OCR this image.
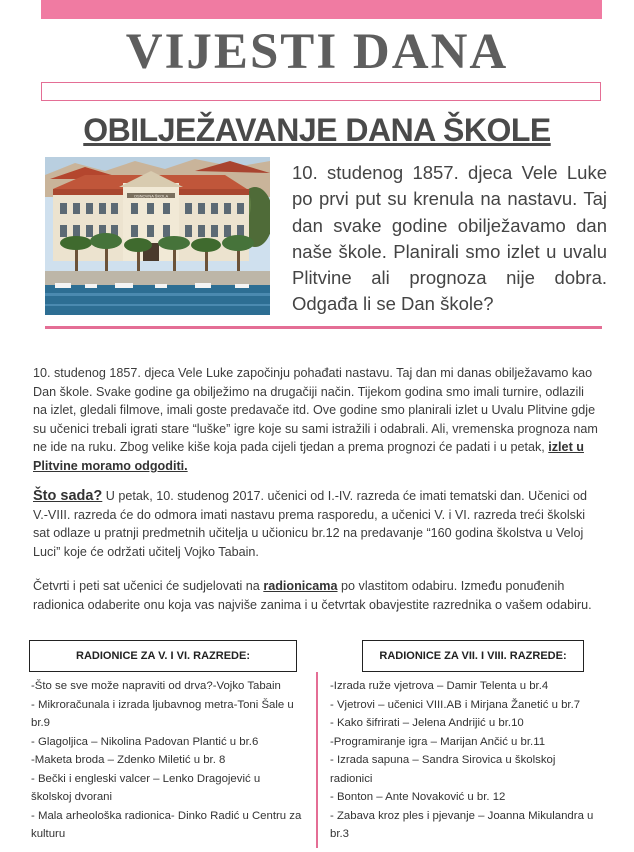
VIJESTI DANA
OBILJEŽAVANJE DANA ŠKOLE
OSNOVNA ŠKOLA
10. studenog 1857. djeca Vele Luke po prvi put su krenula na nastavu. Taj dan svake godine obilježavamo dan naše škole. Planirali smo izlet u uvalu Plitvine ali prognoza nije dobra. Odgađa li se Dan škole?

10. studenog 1857. djeca Vele Luke započinju pohađati nastavu. Taj dan mi danas obilježavamo kao Dan škole. Svake godine ga obilježimo na drugačiji način. Tijekom godina smo imali turnire, odlazili na izlet, gledali filmove, imali goste predavače itd. Ove godine smo planirali izlet u Uvalu Plitvine gdje su učenici trebali igrati stare “luške” igre koje su sami istražili i odabrali. Ali, vremenska prognoza nam ne ide na ruku. Zbog velike kiše koja pada cijeli tjedan a prema prognozi će padati i u petak, izlet u Plitvine moramo odgoditi.

Što sada? U petak, 10. studenog 2017. učenici od I.-IV. razreda će imati tematski dan. Učenici od V.-VIII. razreda će do odmora imati nastavu prema rasporedu, a učenici V. i VI. razreda treći školski sat odlaze u pratnji predmetnih učitelja u učionicu br.12 na predavanje “160 godina školstva u Veloj Luci” koje će održati učitelj Vojko Tabain.

Četvrti i peti sat učenici će sudjelovati na radionicama po vlastitom odabiru. Između ponuđenih radionica odaberite onu koja vas najviše zanima i u četvrtak obavjestite razrednika o vašem odabiru.

RADIONICE ZA V. I VI. RAZREDE:	RADIONICE ZA VII. I VIII. RAZREDE:
-Što se sve može napraviti od drva?-Vojko Tabain
- Mikroračunala i izrada ljubavnog metra-Toni Šale u br.9
- Glagoljica – Nikolina Padovan Plantić u br.6
-Maketa broda – Zdenko Miletić u br. 8
- Bečki i engleski valcer – Lenko Dragojević u školskoj dvorani
- Mala arheološka radionica- Dinko Radić u Centru za kulturu
-Izrada ruže vjetrova – Damir Telenta u br.4
- Vjetrovi – učenici VIII.AB i Mirjana Žanetić u br.7
- Kako šifrirati – Jelena Andrijić u br.10
-Programiranje igra – Marijan Ančić u br.11
- Izrada sapuna – Sandra Sirovica u školskoj radionici
- Bonton – Ante Novaković u br. 12
- Zabava kroz ples i pjevanje – Joanna Mikulandra u br.3
